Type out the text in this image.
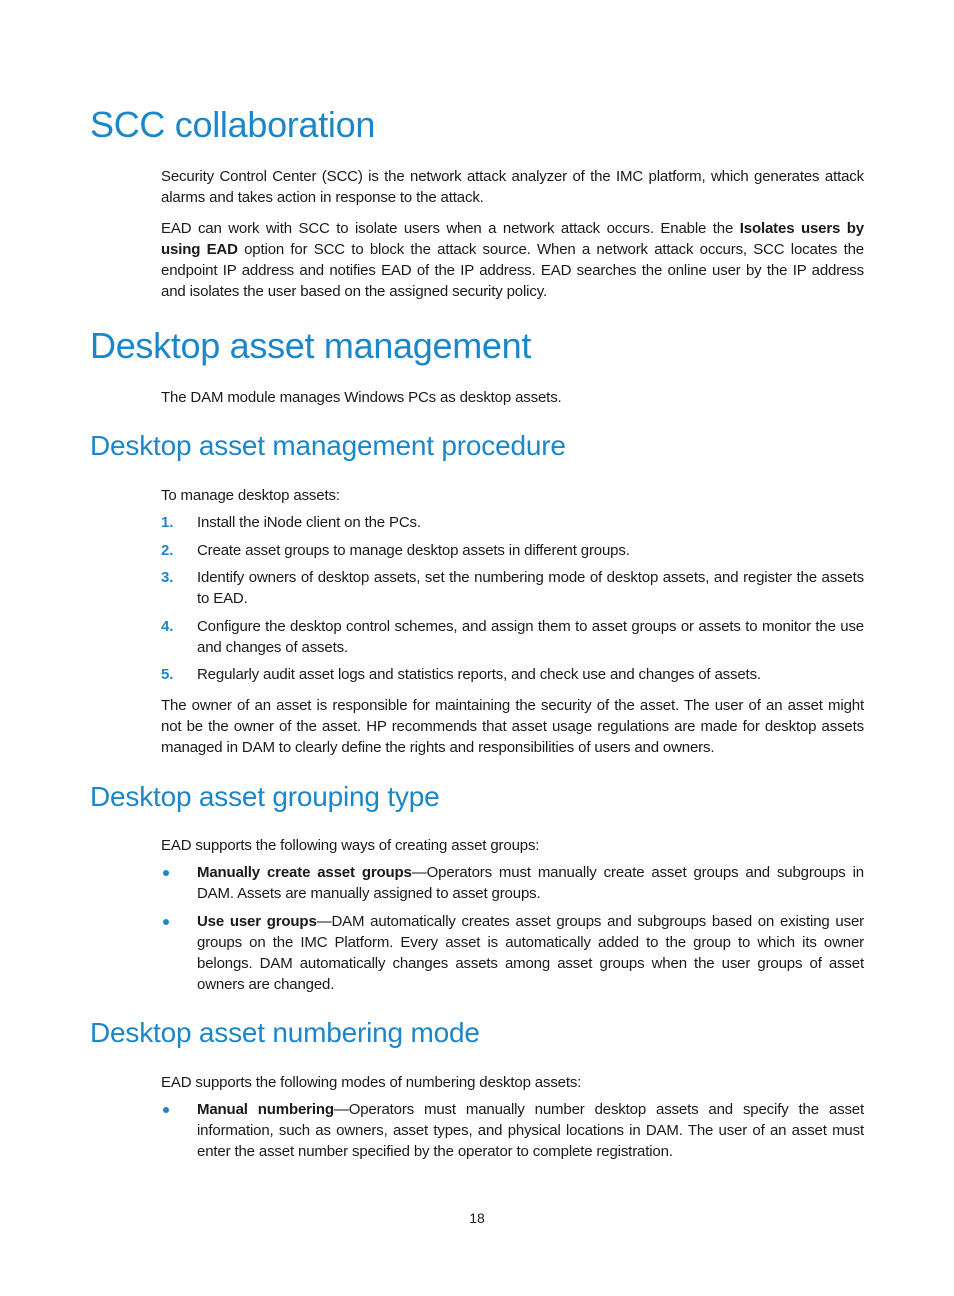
SCC collaboration

Security Control Center (SCC) is the network attack analyzer of the IMC platform, which generates attack alarms and takes action in response to the attack.

EAD can work with SCC to isolate users when a network attack occurs. Enable the Isolates users by using EAD option for SCC to block the attack source. When a network attack occurs, SCC locates the endpoint IP address and notifies EAD of the IP address. EAD searches the online user by the IP address and isolates the user based on the assigned security policy.

Desktop asset management

The DAM module manages Windows PCs as desktop assets.

Desktop asset management procedure

To manage desktop assets:

1.	Install the iNode client on the PCs.
2.	Create asset groups to manage desktop assets in different groups.
3.	Identify owners of desktop assets, set the numbering mode of desktop assets, and register the assets to EAD.
4.	Configure the desktop control schemes, and assign them to asset groups or assets to monitor the use and changes of assets.
5.	Regularly audit asset logs and statistics reports, and check use and changes of assets.

The owner of an asset is responsible for maintaining the security of the asset. The user of an asset might not be the owner of the asset. HP recommends that asset usage regulations are made for desktop assets managed in DAM to clearly define the rights and responsibilities of users and owners.

Desktop asset grouping type

EAD supports the following ways of creating asset groups:

Manually create asset groups—Operators must manually create asset groups and subgroups in DAM. Assets are manually assigned to asset groups.
Use user groups—DAM automatically creates asset groups and subgroups based on existing user groups on the IMC Platform. Every asset is automatically added to the group to which its owner belongs. DAM automatically changes assets among asset groups when the user groups of asset owners are changed.
Desktop asset numbering mode

EAD supports the following modes of numbering desktop assets:

Manual numbering—Operators must manually number desktop assets and specify the asset information, such as owners, asset types, and physical locations in DAM. The user of an asset must enter the asset number specified by the operator to complete registration.
18
